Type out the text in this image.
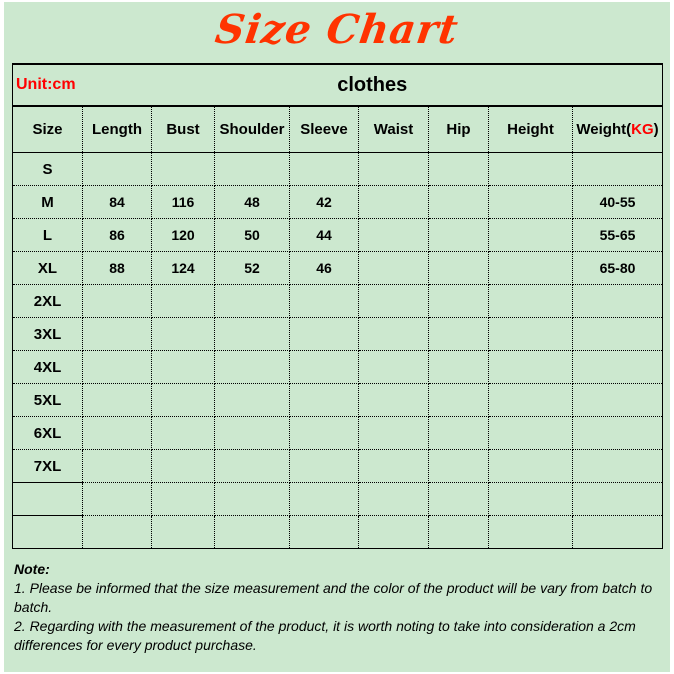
Size Chart
Unit:cm	clothes							
Size	Length	Bust	Shoulder	Sleeve	Waist	Hip	Height	Weight(KG)
S								
M	84	116	48	42				40-55
L	86	120	50	44				55-65
XL	88	124	52	46				65-80
2XL								
3XL								
4XL								
5XL								
6XL								
7XL								

Note:
1. Please be informed that the size measurement and the color of the product will be vary from batch to batch.
2. Regarding with the measurement of the product, it is worth noting to take into consideration a 2cm differences for every product purchase.
